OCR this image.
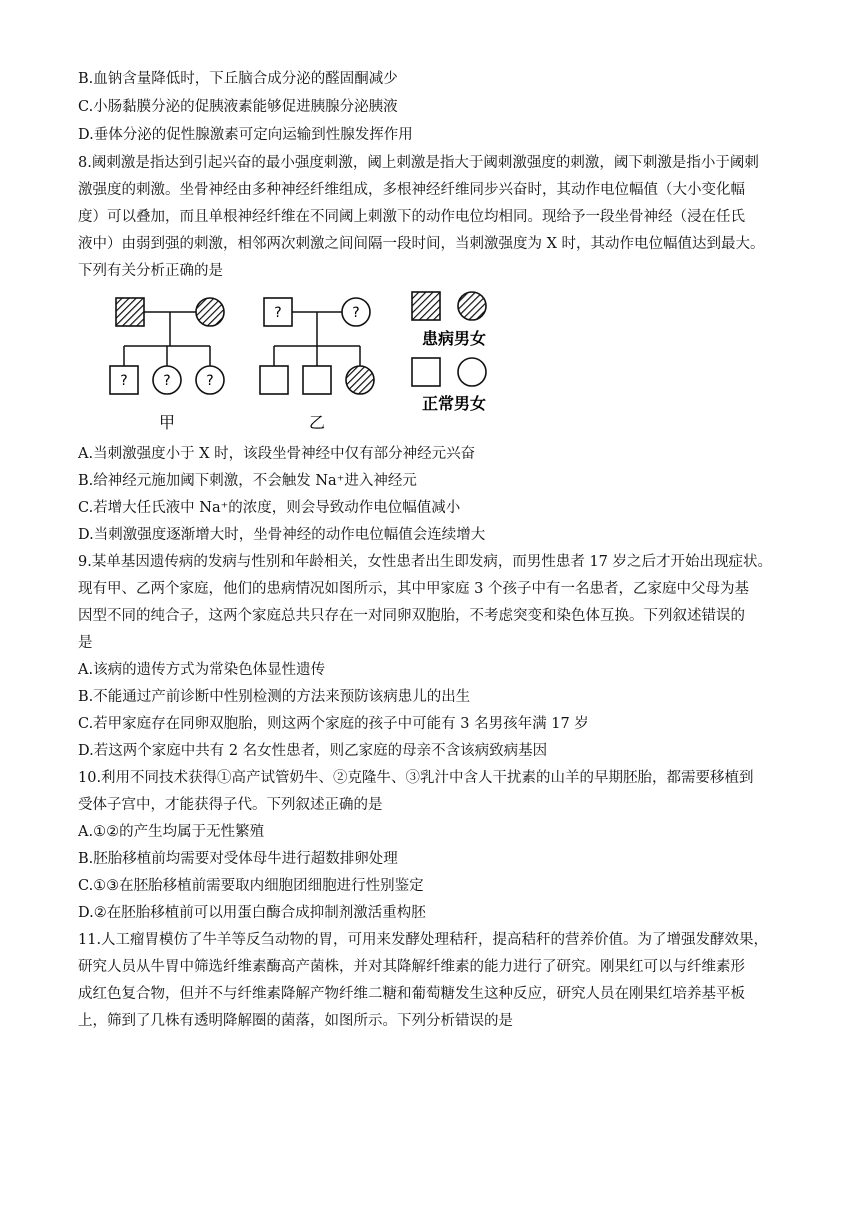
B.血钠含量降低时，下丘脑合成分泌的醛固酮减少
C.小肠黏膜分泌的促胰液素能够促进胰腺分泌胰液
D.垂体分泌的促性腺激素可定向运输到性腺发挥作用
8.阈刺激是指达到引起兴奋的最小强度刺激，阈上刺激是指大于阈刺激强度的刺激，阈下刺激是指小于阈刺
激强度的刺激。坐骨神经由多种神经纤维组成，多根神经纤维同步兴奋时，其动作电位幅值（大小变化幅
度）可以叠加，而且单根神经纤维在不同阈上刺激下的动作电位均相同。现给予一段坐骨神经（浸在任氏
液中）由弱到强的刺激，相邻两次刺激之间间隔一段时间，当刺激强度为 X 时，其动作电位幅值达到最大。
下列有关分析正确的是
?	?	?
甲
?	?
乙
患病男女
正常男女
A.当刺激强度小于 X 时，该段坐骨神经中仅有部分神经元兴奋
B.给神经元施加阈下刺激，不会触发 Na⁺进入神经元
C.若增大任氏液中 Na⁺的浓度，则会导致动作电位幅值减小
D.当刺激强度逐渐增大时，坐骨神经的动作电位幅值会连续增大
9.某单基因遗传病的发病与性别和年龄相关，女性患者出生即发病，而男性患者 17 岁之后才开始出现症状。
现有甲、乙两个家庭，他们的患病情况如图所示，其中甲家庭 3 个孩子中有一名患者，乙家庭中父母为基
因型不同的纯合子，这两个家庭总共只存在一对同卵双胞胎，不考虑突变和染色体互换。下列叙述错误的
是
A.该病的遗传方式为常染色体显性遗传
B.不能通过产前诊断中性别检测的方法来预防该病患儿的出生
C.若甲家庭存在同卵双胞胎，则这两个家庭的孩子中可能有 3 名男孩年满 17 岁
D.若这两个家庭中共有 2 名女性患者，则乙家庭的母亲不含该病致病基因
10.利用不同技术获得①高产试管奶牛、②克隆牛、③乳汁中含人干扰素的山羊的早期胚胎，都需要移植到
受体子宫中，才能获得子代。下列叙述正确的是
A.①②的产生均属于无性繁殖
B.胚胎移植前均需要对受体母牛进行超数排卵处理
C.①③在胚胎移植前需要取内细胞团细胞进行性别鉴定
D.②在胚胎移植前可以用蛋白酶合成抑制剂激活重构胚
11.人工瘤胃模仿了牛羊等反刍动物的胃，可用来发酵处理秸秆，提高秸秆的营养价值。为了增强发酵效果，
研究人员从牛胃中筛选纤维素酶高产菌株，并对其降解纤维素的能力进行了研究。刚果红可以与纤维素形
成红色复合物，但并不与纤维素降解产物纤维二糖和葡萄糖发生这种反应，研究人员在刚果红培养基平板
上，筛到了几株有透明降解圈的菌落，如图所示。下列分析错误的是
